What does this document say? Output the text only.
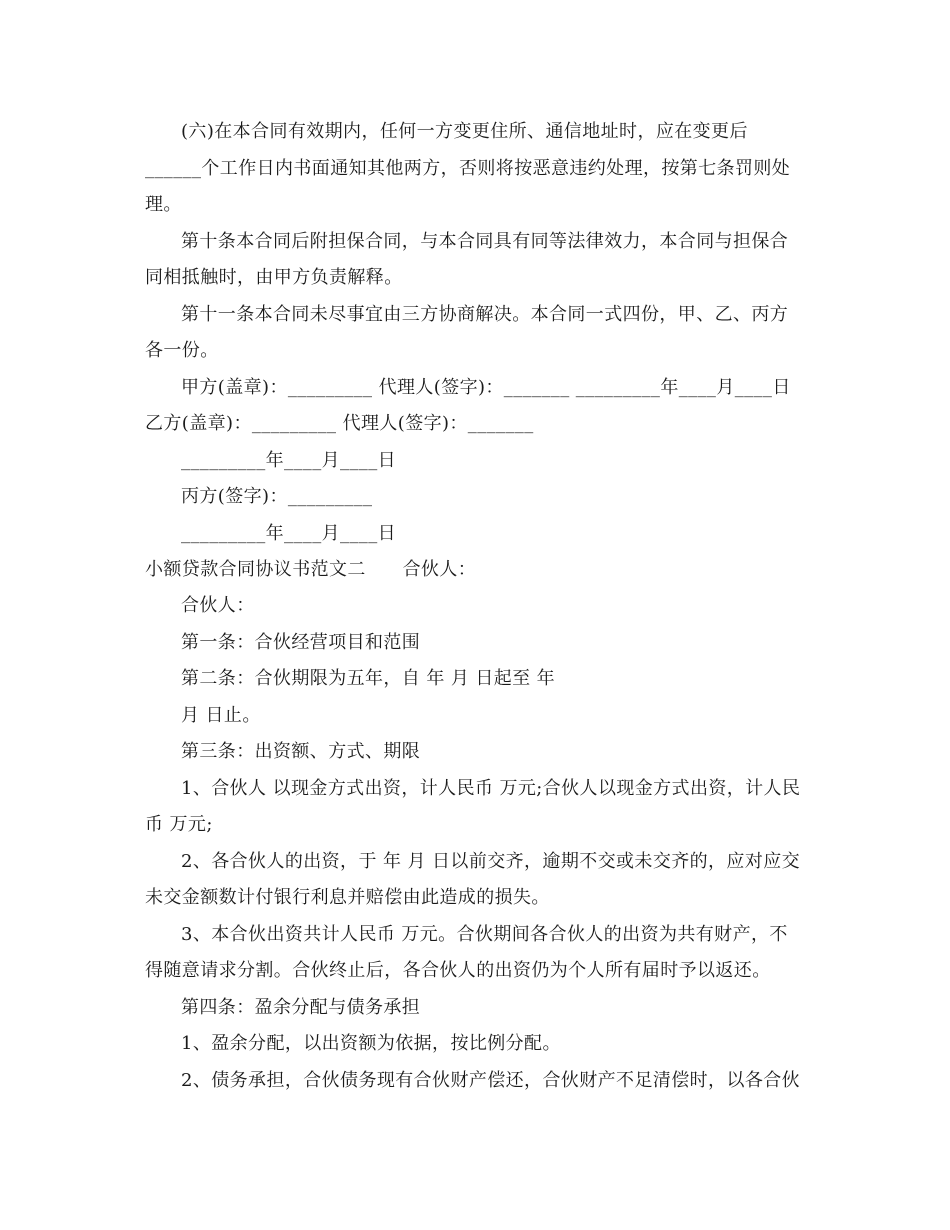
(六)在本合同有效期内，任何一方变更住所、通信地址时，应在变更后
______个工作日内书面通知其他两方，否则将按恶意违约处理，按第七条罚则处
理。
第十条本合同后附担保合同，与本合同具有同等法律效力，本合同与担保合
同相抵触时，由甲方负责解释。
第十一条本合同未尽事宜由三方协商解决。本合同一式四份，甲、乙、丙方
各一份。
甲方(盖章)：_________ 代理人(签字)：_______ _________年____月____日
乙方(盖章)：_________ 代理人(签字)：_______
_________年____月____日
丙方(签字)：_________
_________年____月____日
小额贷款合同协议书范文二　　合伙人：
合伙人：
第一条：合伙经营项目和范围
第二条：合伙期限为五年，自 年 月 日起至 年
月 日止。
第三条：出资额、方式、期限
1、合伙人 以现金方式出资，计人民币 万元;合伙人以现金方式出资，计人民
币 万元;
2、各合伙人的出资，于 年 月 日以前交齐，逾期不交或未交齐的，应对应交
未交金额数计付银行利息并赔偿由此造成的损失。
3、本合伙出资共计人民币 万元。合伙期间各合伙人的出资为共有财产，不
得随意请求分割。合伙终止后，各合伙人的出资仍为个人所有届时予以返还。
第四条：盈余分配与债务承担
1、盈余分配，以出资额为依据，按比例分配。
2、债务承担，合伙债务现有合伙财产偿还，合伙财产不足清偿时，以各合伙
